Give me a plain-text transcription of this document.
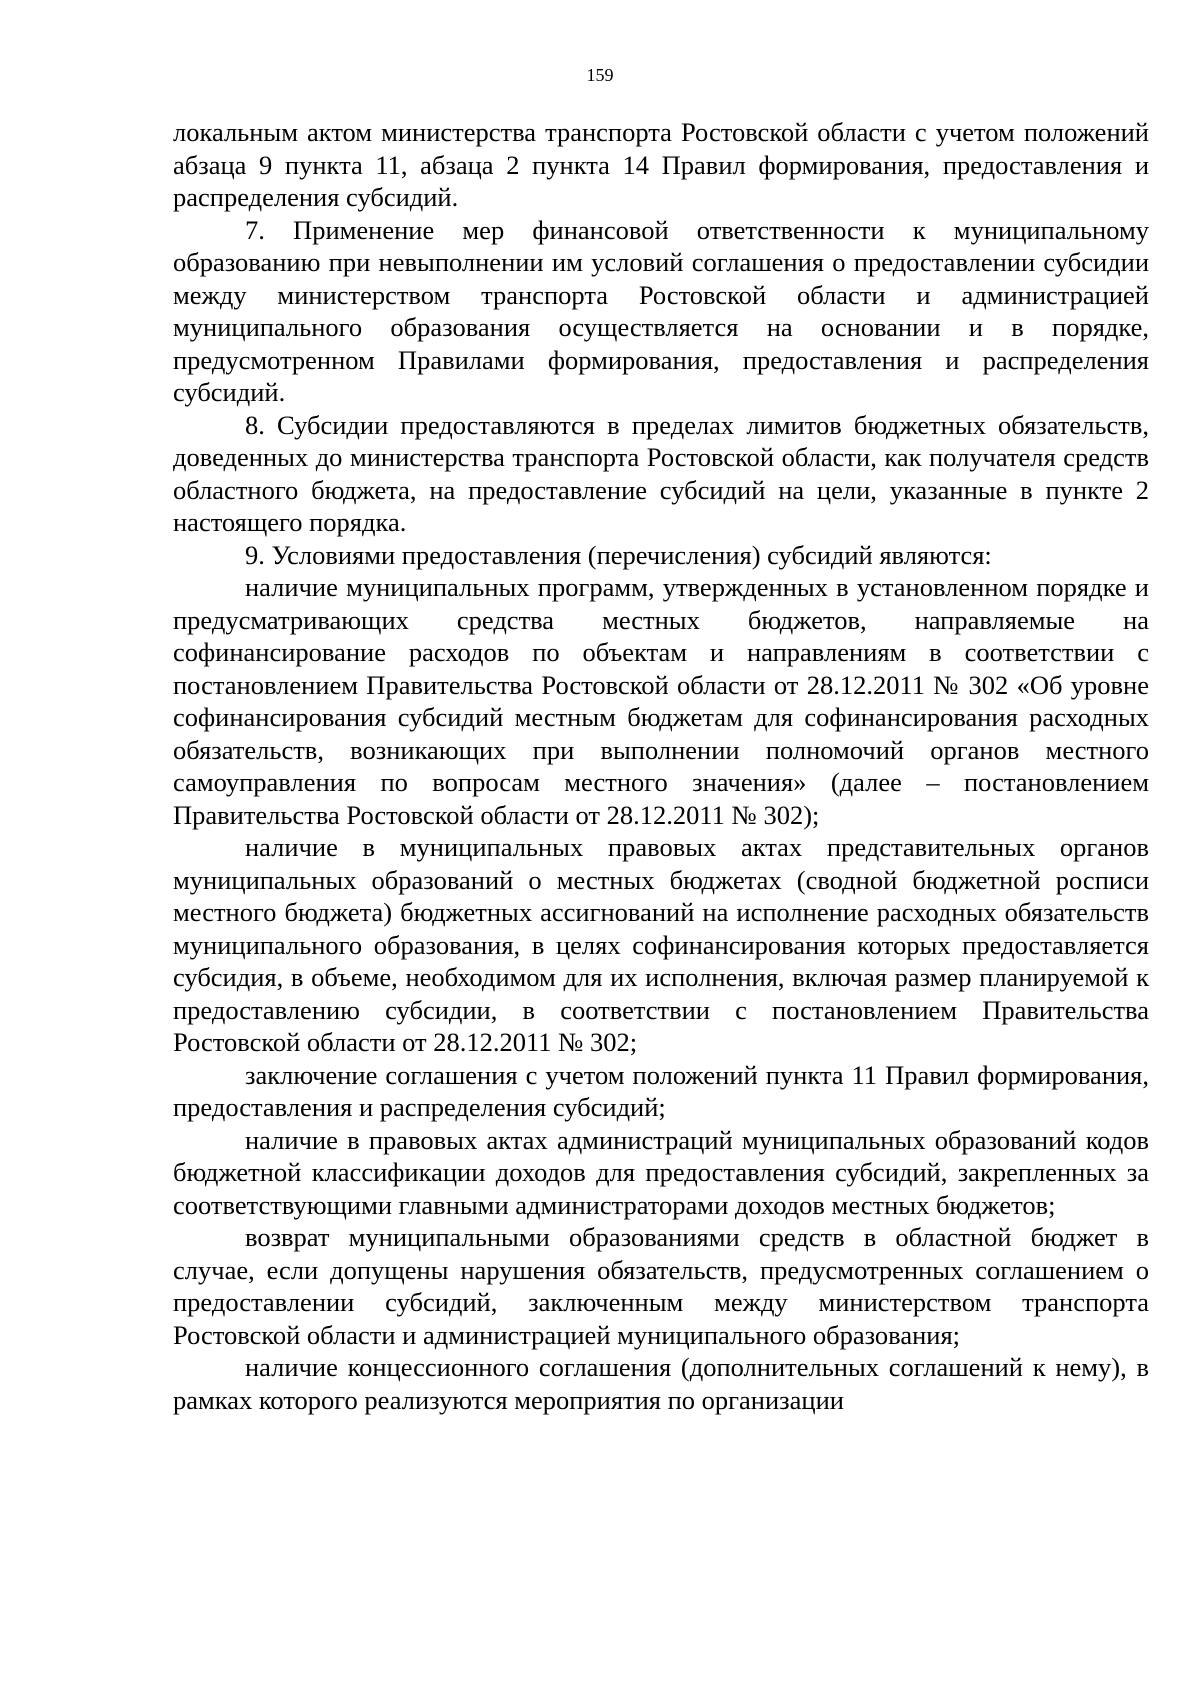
159

локальным актом министерства транспорта Ростовской области с учетом положений абзаца 9 пункта 11, абзаца 2 пункта 14 Правил формирования, предоставления и распределения субсидий.

7. Применение мер финансовой ответственности к муниципальному образованию при невыполнении им условий соглашения о предоставлении субсидии между министерством транспорта Ростовской области и администрацией муниципального образования осуществляется на основании и в порядке, предусмотренном Правилами формирования, предоставления и распределения субсидий.

8. Субсидии предоставляются в пределах лимитов бюджетных обязательств, доведенных до министерства транспорта Ростовской области, как получателя средств областного бюджета, на предоставление субсидий на цели, указанные в пункте 2 настоящего порядка.

9. Условиями предоставления (перечисления) субсидий являются:

наличие муниципальных программ, утвержденных в установленном порядке и предусматривающих средства местных бюджетов, направляемые на софинансирование расходов по объектам и направлениям в соответствии с постановлением Правительства Ростовской области от 28.12.2011 № 302 «Об уровне софинансирования субсидий местным бюджетам для софинансирования расходных обязательств, возникающих при выполнении полномочий органов местного самоуправления по вопросам местного значения» (далее – постановлением Правительства Ростовской области от 28.12.2011 № 302);

наличие в муниципальных правовых актах представительных органов муниципальных образований о местных бюджетах (сводной бюджетной росписи местного бюджета) бюджетных ассигнований на исполнение расходных обязательств муниципального образования, в целях софинансирования которых предоставляется субсидия, в объеме, необходимом для их исполнения, включая размер планируемой к предоставлению субсидии, в соответствии с постановлением Правительства Ростовской области от 28.12.2011 № 302;

заключение соглашения с учетом положений пункта 11 Правил формирования, предоставления и распределения субсидий;

наличие в правовых актах администраций муниципальных образований кодов бюджетной классификации доходов для предоставления субсидий, закрепленных за соответствующими главными администраторами доходов местных бюджетов;

возврат муниципальными образованиями средств в областной бюджет в случае, если допущены нарушения обязательств, предусмотренных соглашением о предоставлении субсидий, заключенным между министерством транспорта Ростовской области и администрацией муниципального образования;

наличие концессионного соглашения (дополнительных соглашений к нему), в рамках которого реализуются мероприятия по организации
